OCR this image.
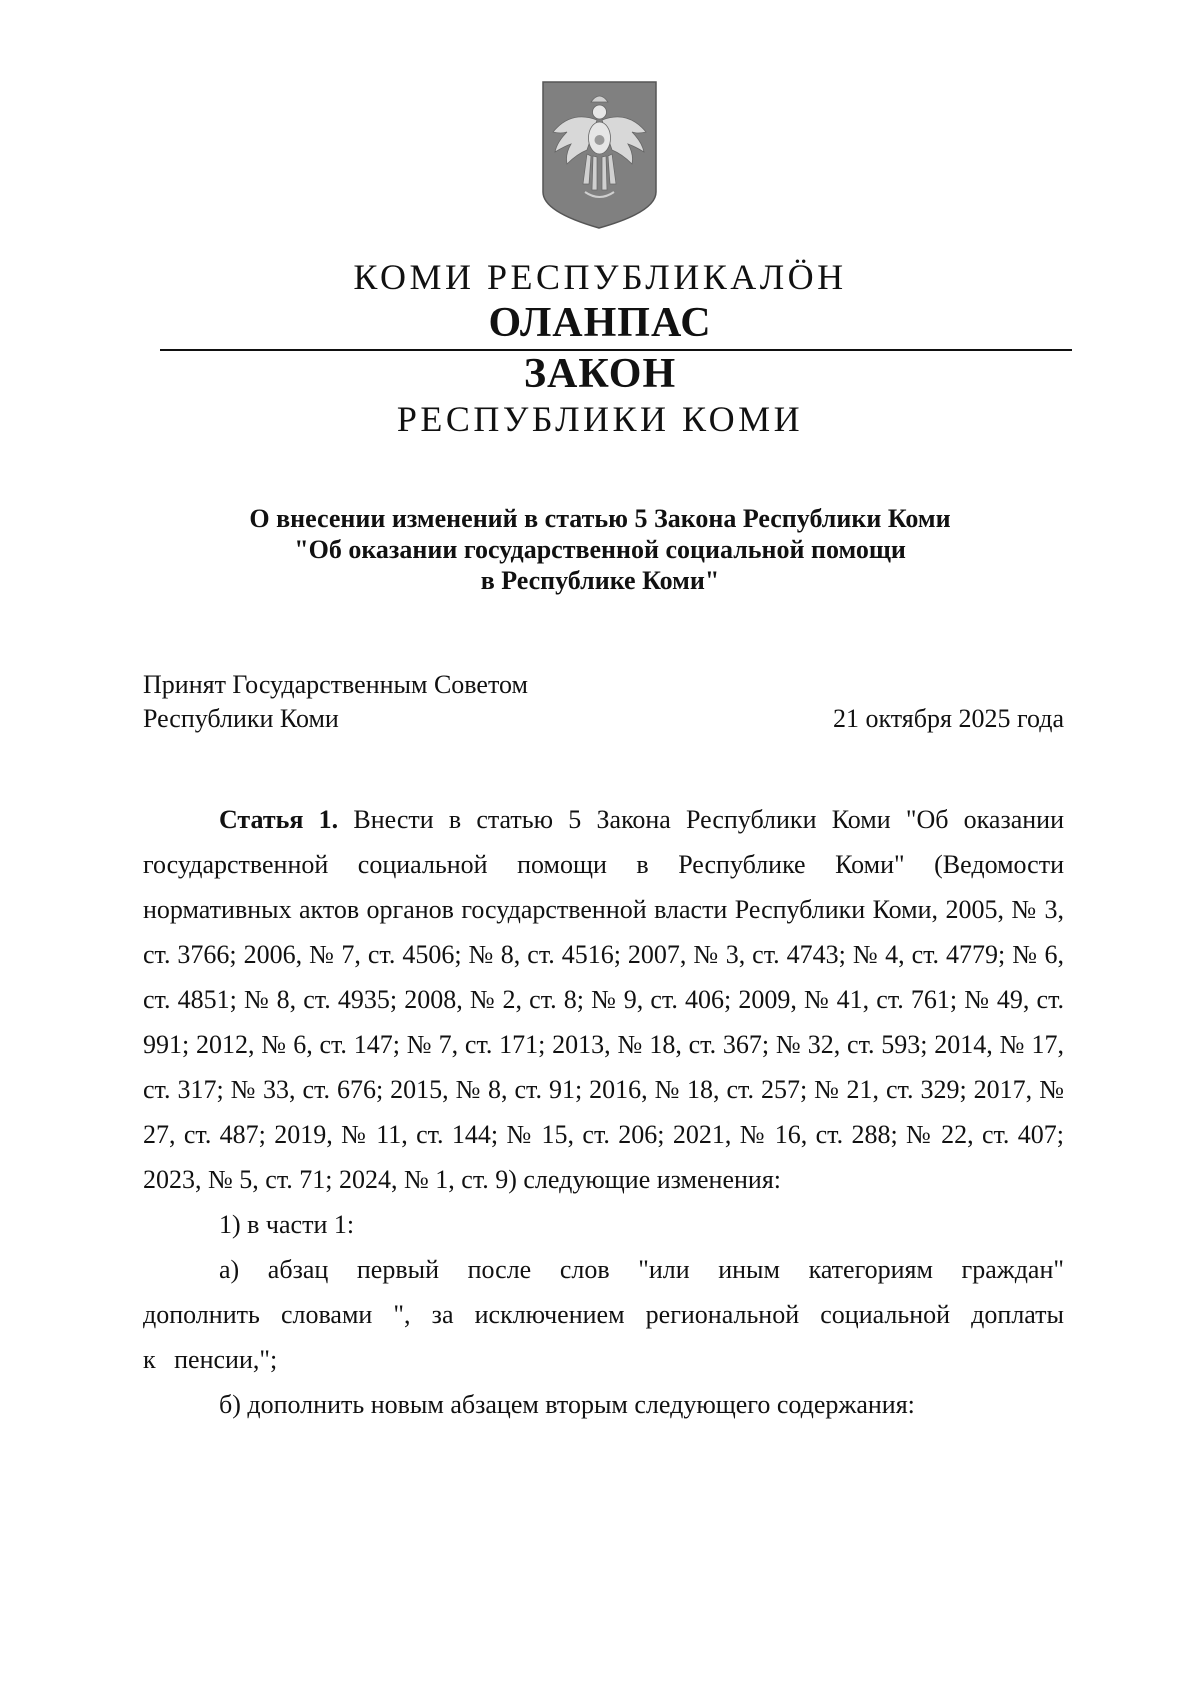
КОМИ РЕСПУБЛИКАЛÖН
ОЛАНПАС
ЗАКОН
РЕСПУБЛИКИ КОМИ
О внесении изменений в статью 5 Закона Республики Коми
"Об оказании государственной социальной помощи
в Республике Коми"
Принят Государственным Советом
Республики Коми	21 октября 2025 года

Статья 1. Внести в статью 5 Закона Республики Коми "Об оказании государственной социальной помощи в Республике Коми" (Ведомости нормативных актов органов государственной власти Республики Коми, 2005, № 3, ст. 3766; 2006, № 7, ст. 4506; № 8, ст. 4516; 2007, № 3, ст. 4743; № 4, ст. 4779; № 6, ст. 4851; № 8, ст. 4935; 2008, № 2, ст. 8; № 9, ст. 406; 2009, № 41, ст. 761; № 49, ст. 991; 2012, № 6, ст. 147; № 7, ст. 171; 2013, № 18, ст. 367; № 32, ст. 593; 2014, № 17, ст. 317; № 33, ст. 676; 2015, № 8, ст. 91; 2016, № 18, ст. 257; № 21, ст. 329; 2017, № 27, ст. 487; 2019, № 11, ст. 144; № 15, ст. 206; 2021, № 16, ст. 288; № 22, ст. 407; 2023, № 5, ст. 71; 2024, № 1, ст. 9) следующие изменения:

1) в части 1:

а) абзац первый после слов "или иным категориям граждан" дополнить словами ", за исключением региональной социальной доплаты к пенсии,";

б) дополнить новым абзацем вторым следующего содержания:
